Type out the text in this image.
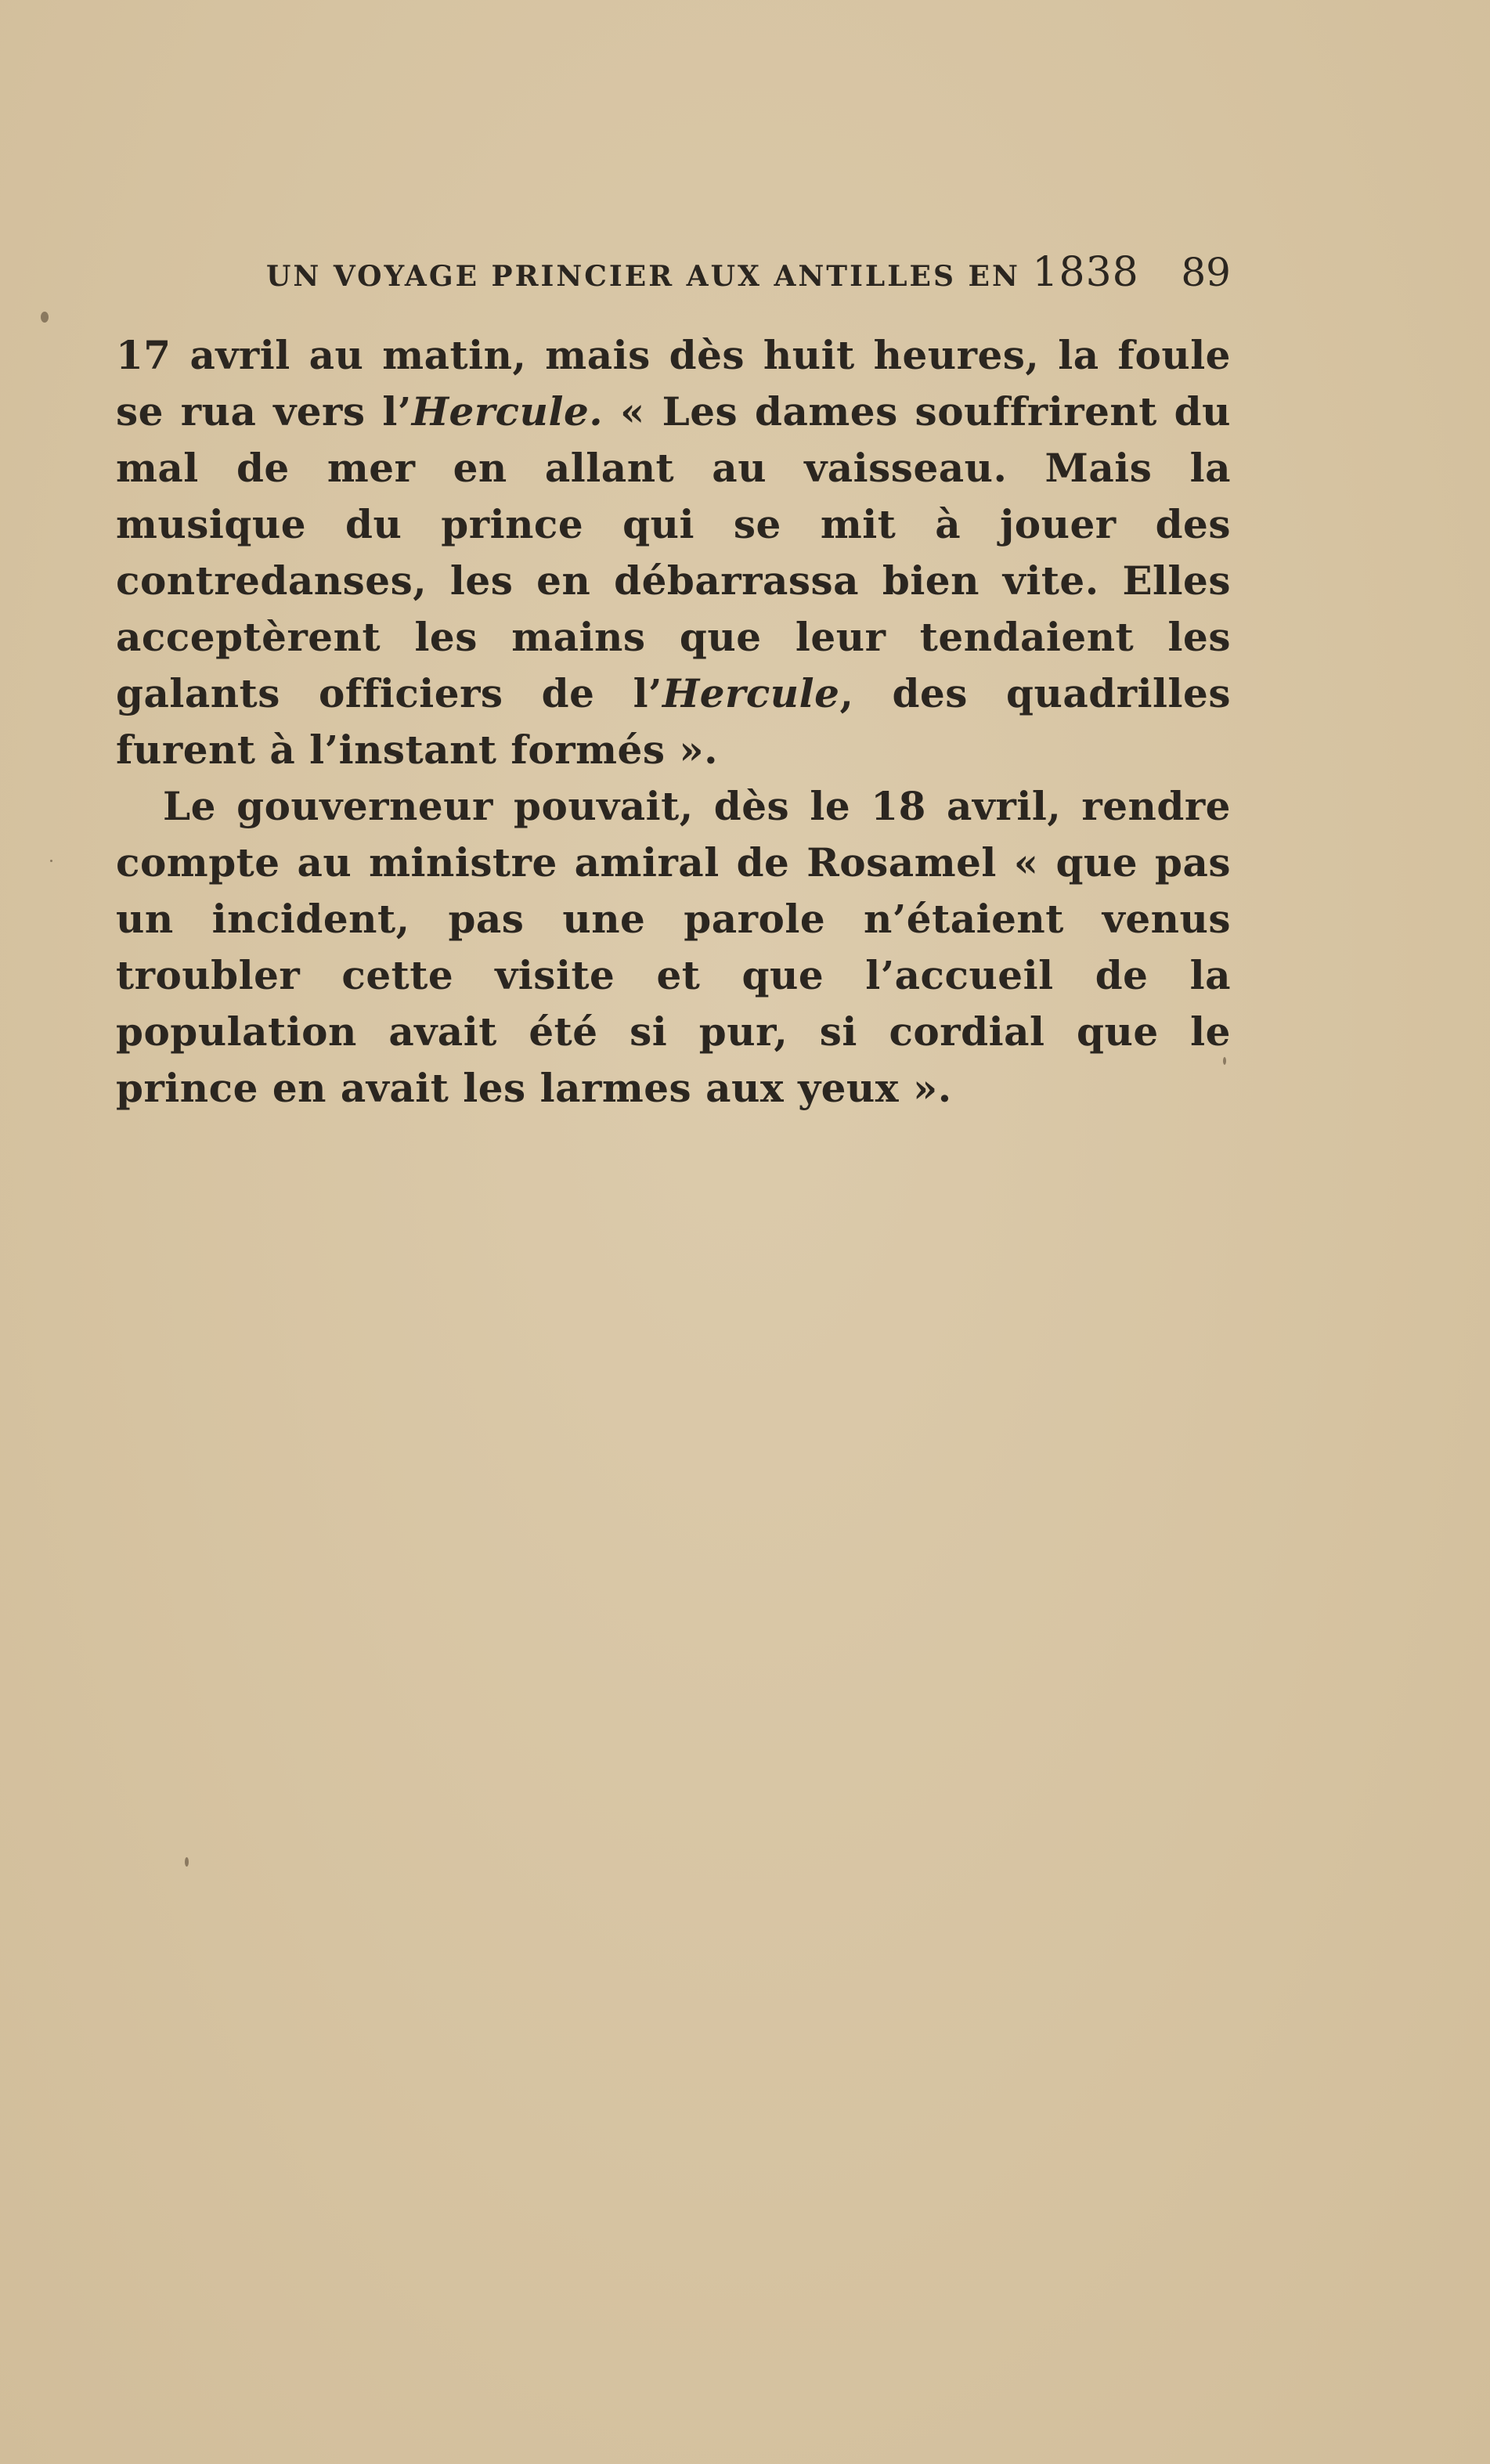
UN VOYAGE PRINCIER AUX ANTILLES EN 1838 89

17 avril au matin, mais dès huit heures, la foule se rua vers l’Hercule. « Les dames souffrirent du mal de mer en allant au vaisseau. Mais la musique du prince qui se mit à jouer des contredanses, les en débarrassa bien vite. Elles acceptèrent les mains que leur tendaient les galants officiers de l’Hercule, des quadrilles furent à l’instant formés ».

Le gouverneur pouvait, dès le 18 avril, rendre compte au ministre amiral de Rosamel « que pas un incident, pas une parole n’étaient venus troubler cette visite et que l’accueil de la population avait été si pur, si cordial que le prince en avait les larmes aux yeux ».
